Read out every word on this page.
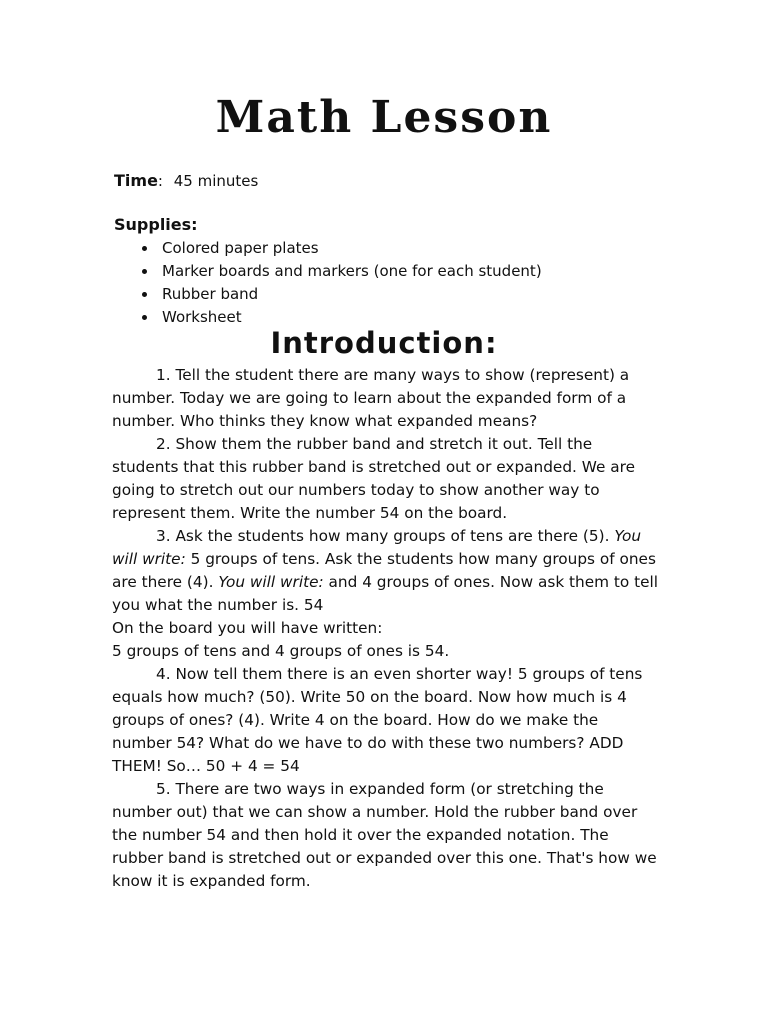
Math Lesson
Time: 45 minutes
Supplies:
• Colored paper plates
• Marker boards and markers (one for each student)
• Rubber band
• Worksheet
Introduction:

1. Tell the student there are many ways to show (represent) a number. Today we are going to learn about the expanded form of a number. Who thinks they know what expanded means?

2. Show them the rubber band and stretch it out. Tell the students that this rubber band is stretched out or expanded. We are going to stretch out our numbers today to show another way to represent them. Write the number 54 on the board.

3. Ask the students how many groups of tens are there (5). You will write: 5 groups of tens. Ask the students how many groups of ones are there (4). You will write: and 4 groups of ones. Now ask them to tell you what the number is. 54

On the board you will have written:

5 groups of tens and 4 groups of ones is 54.

4. Now tell them there is an even shorter way! 5 groups of tens equals how much? (50). Write 50 on the board. Now how much is 4 groups of ones? (4). Write 4 on the board. How do we make the number 54? What do we have to do with these two numbers? ADD THEM! So… 50 + 4 = 54

5. There are two ways in expanded form (or stretching the number out) that we can show a number. Hold the rubber band over the number 54 and then hold it over the expanded notation. The rubber band is stretched out or expanded over this one. That's how we know it is expanded form.
